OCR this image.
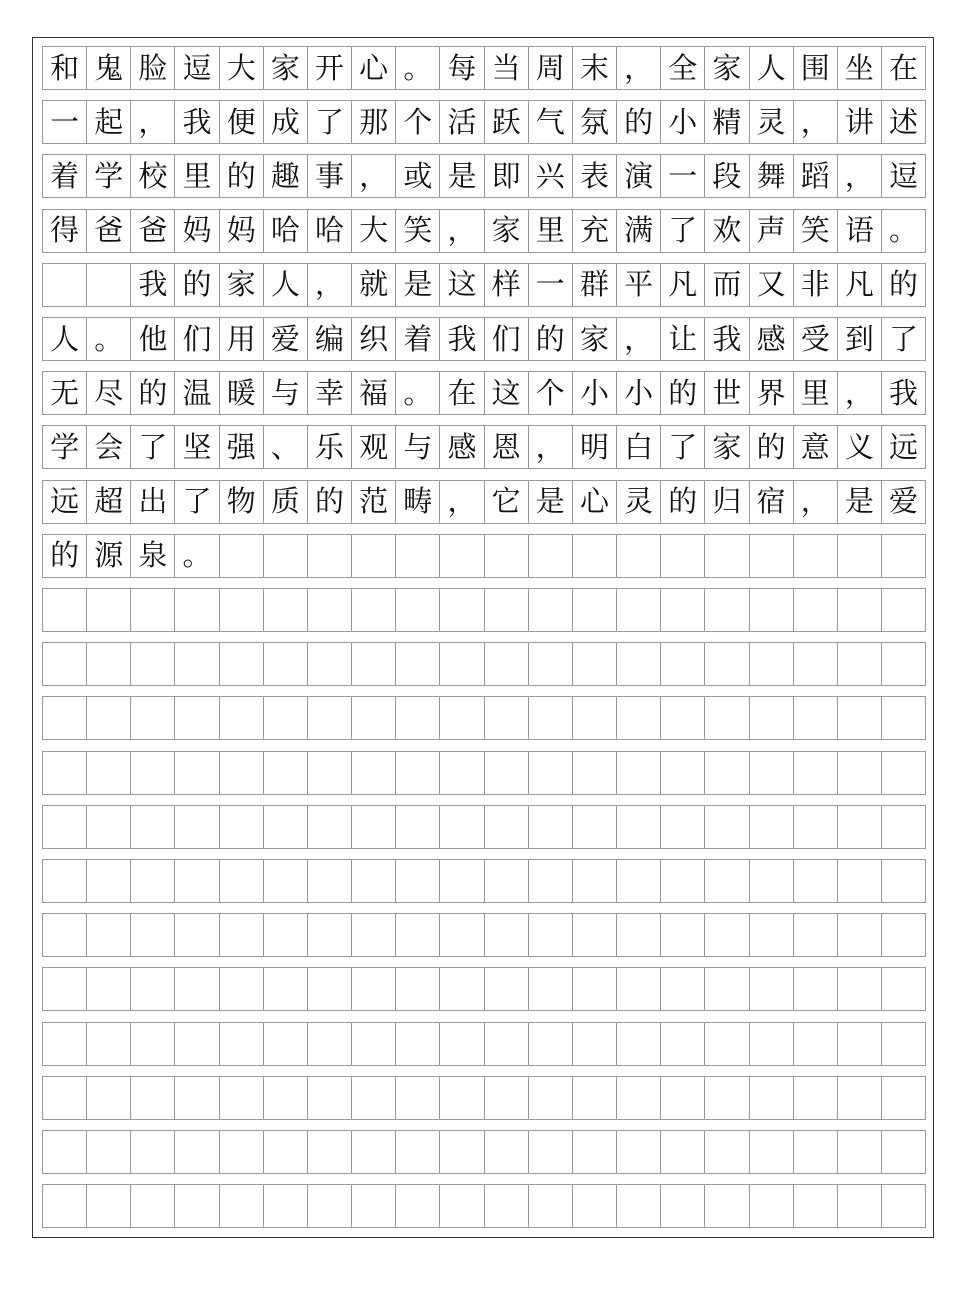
和 鬼 脸 逗 大 家 开 心 。 每 当 周 末 ， 全 家 人 围 坐 在
一 起 ， 我 便 成 了 那 个 活 跃 气 氛 的 小 精 灵 ， 讲 述
着 学 校 里 的 趣 事 ， 或 是 即 兴 表 演 一 段 舞 蹈 ， 逗
得 爸 爸 妈 妈 哈 哈 大 笑 ， 家 里 充 满 了 欢 声 笑 语 。
我 的 家 人 ， 就 是 这 样 一 群 平 凡 而 又 非 凡 的
人 。 他 们 用 爱 编 织 着 我 们 的 家 ， 让 我 感 受 到 了
无 尽 的 温 暖 与 幸 福 。 在 这 个 小 小 的 世 界 里 ， 我
学 会 了 坚 强 、 乐 观 与 感 恩 ， 明 白 了 家 的 意 义 远
远 超 出 了 物 质 的 范 畴 ， 它 是 心 灵 的 归 宿 ， 是 爱
的 源 泉 。
